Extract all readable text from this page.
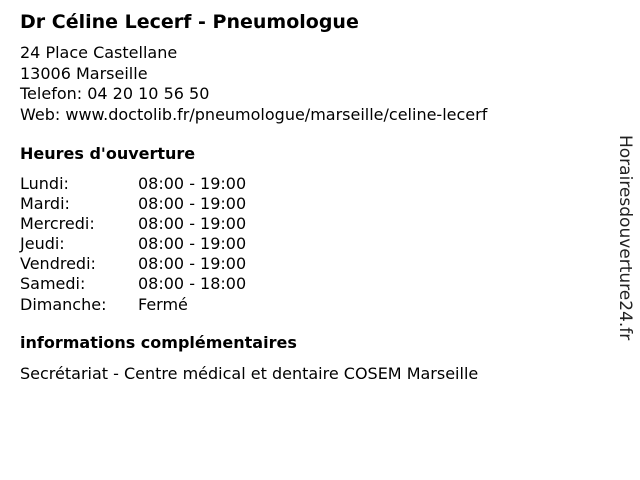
Dr Céline Lecerf - Pneumologue
24 Place Castellane
13006 Marseille
Telefon: 04 20 10 56 50
Web: www.doctolib.fr/pneumologue/marseille/celine-lecerf
Heures d'ouverture
Lundi:	08:00 - 19:00
Mardi:	08:00 - 19:00
Mercredi:	08:00 - 19:00
Jeudi:	08:00 - 19:00
Vendredi:	08:00 - 19:00
Samedi:	08:00 - 18:00
Dimanche:	Fermé
informations complémentaires
Secrétariat - Centre médical et dentaire COSEM Marseille
Horairesdouverture24.fr
